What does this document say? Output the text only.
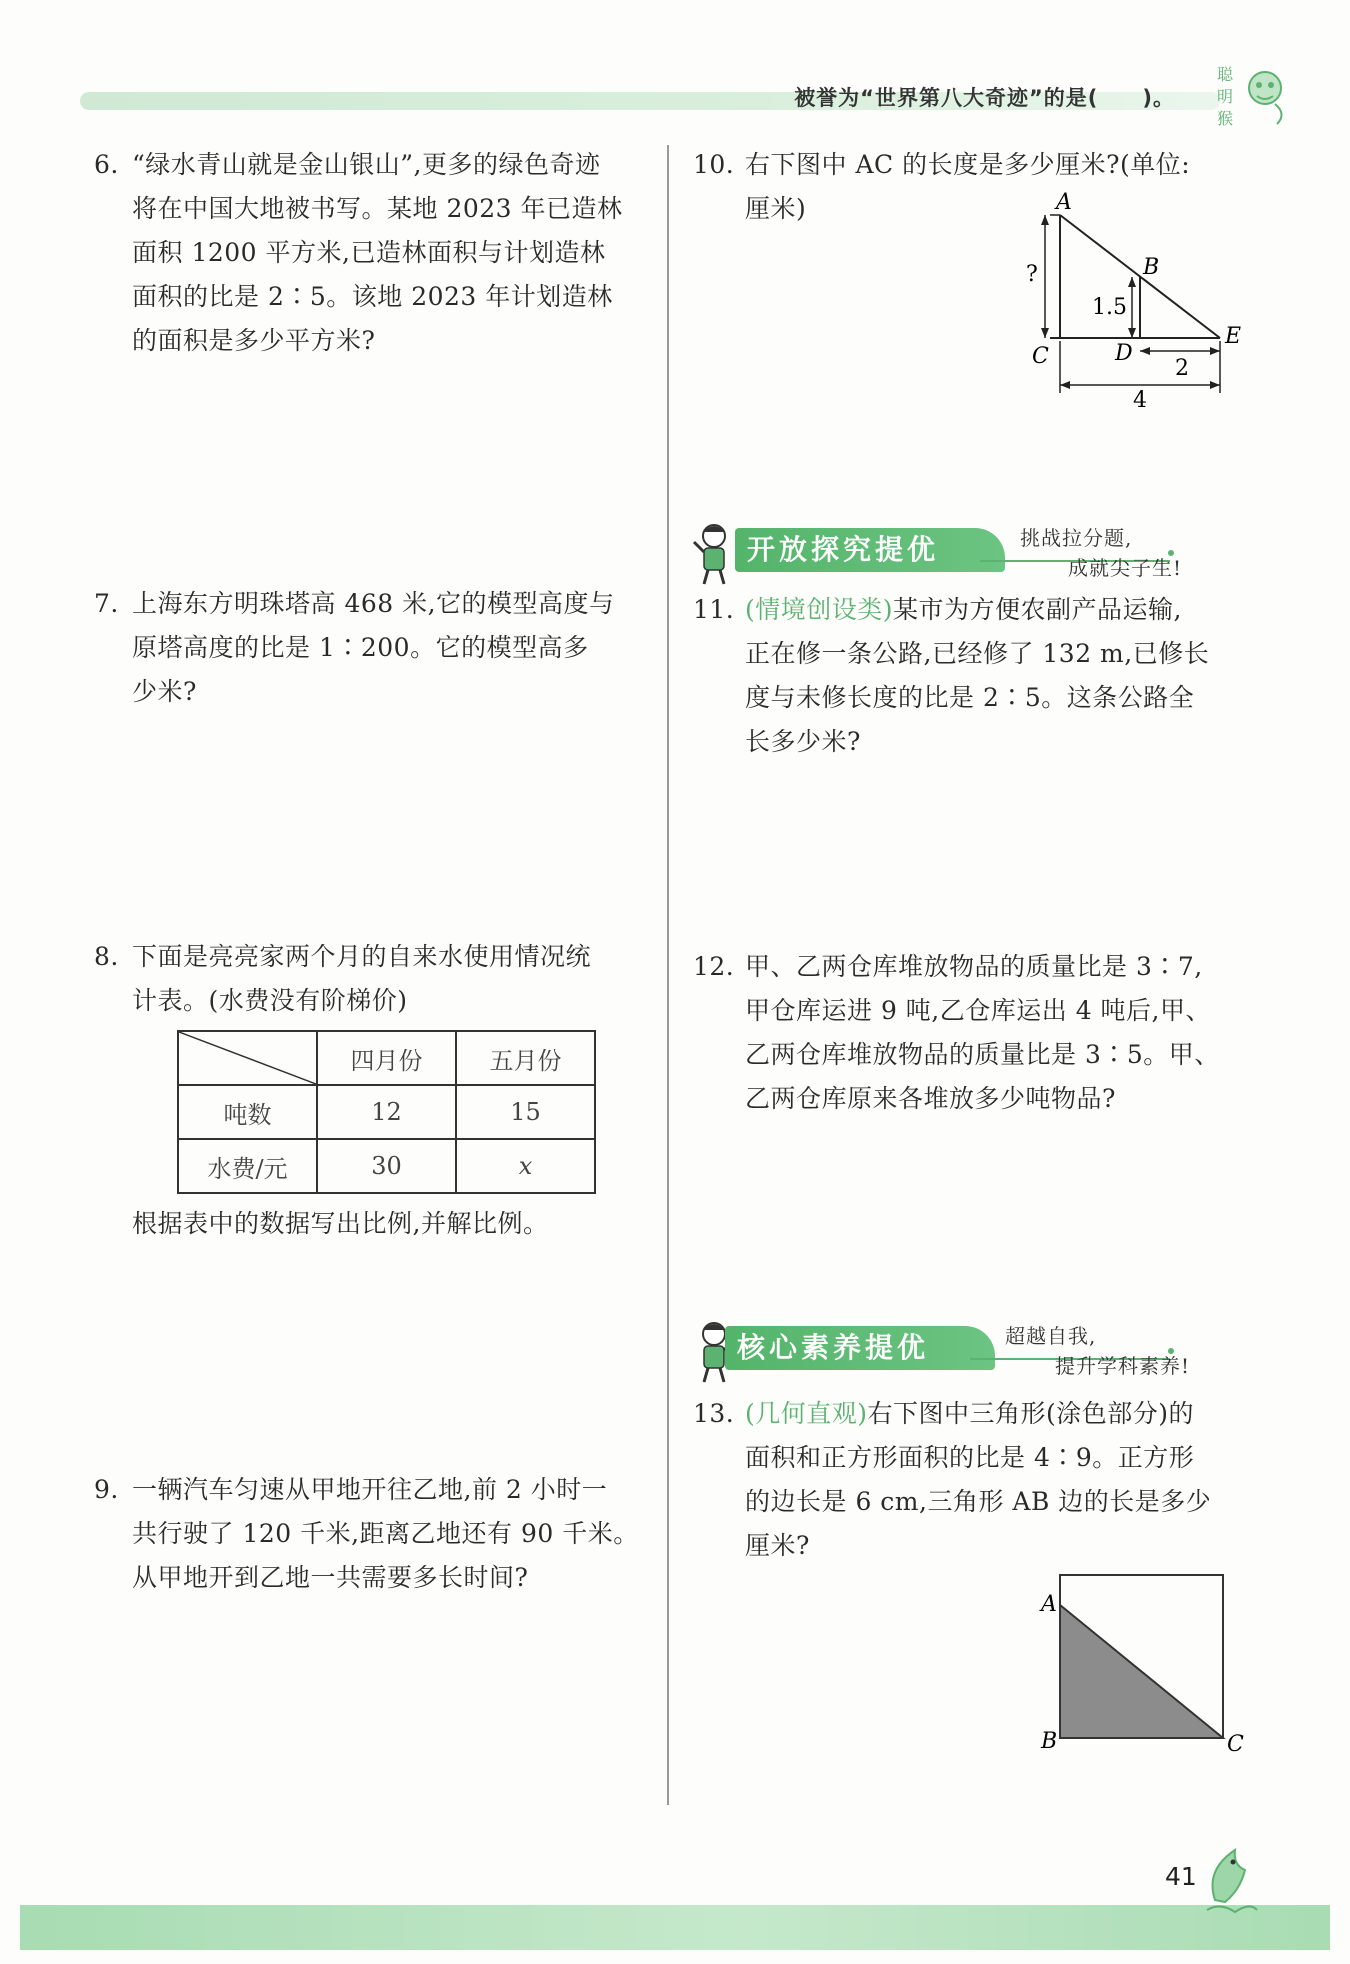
被誉为“世界第八大奇迹”的是(　　)。
聪
明
猴
6. “绿水青山就是金山银山”,更多的绿色奇迹
将在中国大地被书写。某地 2023 年已造林
面积 1200 平方米,已造林面积与计划造林
面积的比是 2∶5。该地 2023 年计划造林
的面积是多少平方米?
7. 上海东方明珠塔高 468 米,它的模型高度与
原塔高度的比是 1∶200。它的模型高多
少米?
8. 下面是亮亮家两个月的自来水使用情况统
计表。(水费没有阶梯价)
	四月份	五月份
吨数	12	15
水费/元	30	x
根据表中的数据写出比例,并解比例。
9. 一辆汽车匀速从甲地开往乙地,前 2 小时一
共行驶了 120 千米,距离乙地还有 90 千米。
从甲地开到乙地一共需要多长时间?
10. 右下图中 AC 的长度是多少厘米?(单位:
厘米)	A
B
C	D
E
?
1.5
2
4
开放探究提优	挑战拉分题,
成就尖子生!
11. (情境创设类)某市为方便农副产品运输,
正在修一条公路,已经修了 132 m,已修长
度与未修长度的比是 2∶5。这条公路全
长多少米?
12. 甲、乙两仓库堆放物品的质量比是 3∶7,
甲仓库运进 9 吨,乙仓库运出 4 吨后,甲、
乙两仓库堆放物品的质量比是 3∶5。甲、
乙两仓库原来各堆放多少吨物品?
核心素养提优	超越自我,
提升学科素养!
13. (几何直观)右下图中三角形(涂色部分)的
面积和正方形面积的比是 4∶9。正方形
的边长是 6 cm,三角形 AB 边的长是多少
厘米?
A
B	C
41
